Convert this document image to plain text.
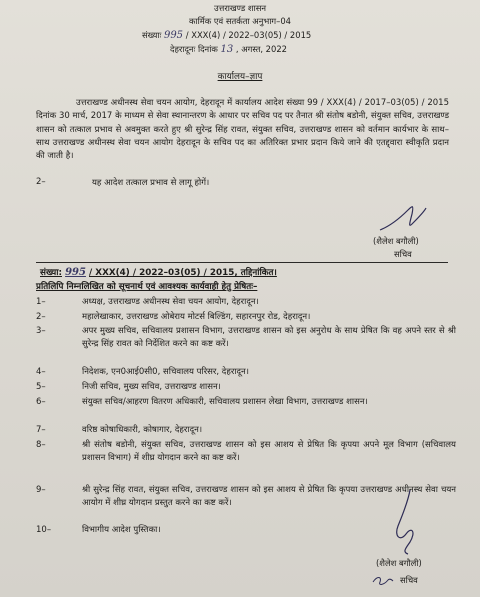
उत्तराखण्ड शासन
कार्मिक एवं सतर्कता अनुभाग–04
संख्याः 995 / XXX(4) / 2022–03(05) / 2015
देहरादूनः दिनांक 13 , अगस्त, 2022
कार्यालय–ज्ञाप
उत्तराखण्ड अधीनस्थ सेवा चयन आयोग, देहरादून में कार्यालय आदेश संख्या 99 / XXX(4) / 2017–03(05) / 2015 दिनांक 30 मार्च, 2017 के माध्यम से सेवा स्थानान्तरण के आधार पर सचिव पद पर तैनात श्री संतोष बडोनी, संयुक्त सचिव, उत्तराखण्ड शासन को तत्काल प्रभाव से अवमुक्त करते हुए श्री सुरेन्द्र सिंह रावत, संयुक्त सचिव, उत्तराखण्ड शासन को वर्तमान कार्यभार के साथ–साथ उत्तराखण्ड अधीनस्थ सेवा चयन आयोग देहरादून के सचिव पद का अतिरिक्त प्रभार प्रदान किये जाने की एतद्द्वारा स्वीकृति प्रदान की जाती है।
2–	यह आदेश तत्काल प्रभाव से लागू होगें।
(शैलेश बगौली)
सचिव
संख्या: 995 / XXX(4) / 2022–03(05) / 2015, तद्दिनांकित।
प्रतिलिपि निम्नलिखित को सूचनार्थ एवं आवश्यक कार्यवाही हेतु प्रेषितः–
1–	अध्यक्ष, उत्तराखण्ड अधीनस्थ सेवा चयन आयोग, देहरादून।
2–	महालेखाकार, उत्तराखण्ड ओबेराय मोटर्स बिल्डिंग, सहारनपुर रोड, देहरादून।
3–	अपर मुख्य सचिव, सचिवालय प्रशासन विभाग, उत्तराखण्ड शासन को इस अनुरोध के साथ प्रेषित कि वह अपने स्तर से श्री सुरेन्द्र सिंह रावत को निर्देशित करने का कष्ट करें।
4–	निदेशक, एन0आई0सी0, सचिवालय परिसर, देहरादून।
5–	निजी सचिव, मुख्य सचिव, उत्तराखण्ड शासन।
6–	संयुक्त सचिव/आहरण वितरण अधिकारी, सचिवालय प्रशासन लेखा विभाग, उत्तराखण्ड शासन।
7–	वरिष्ठ कोषाधिकारी, कोषागार, देहरादून।
8–	श्री संतोष बडोनी, संयुक्त सचिव, उत्तराखण्ड शासन को इस आशय से प्रेषित कि कृपया अपने मूल विभाग (सचिवालय प्रशासन विभाग) में शीघ्र योगदान करने का कष्ट करें।
9–	श्री सुरेन्द्र सिंह रावत, संयुक्त सचिव, उत्तराखण्ड शासन को इस आशय से प्रेषित कि कृपया उत्तराखण्ड अधीनस्थ सेवा चयन आयोग में शीघ्र योगदान प्रस्तुत करने का कष्ट करें।
10–	विभागीय आदेश पुस्तिका।
(शैलेश बगौली)
सचिव
